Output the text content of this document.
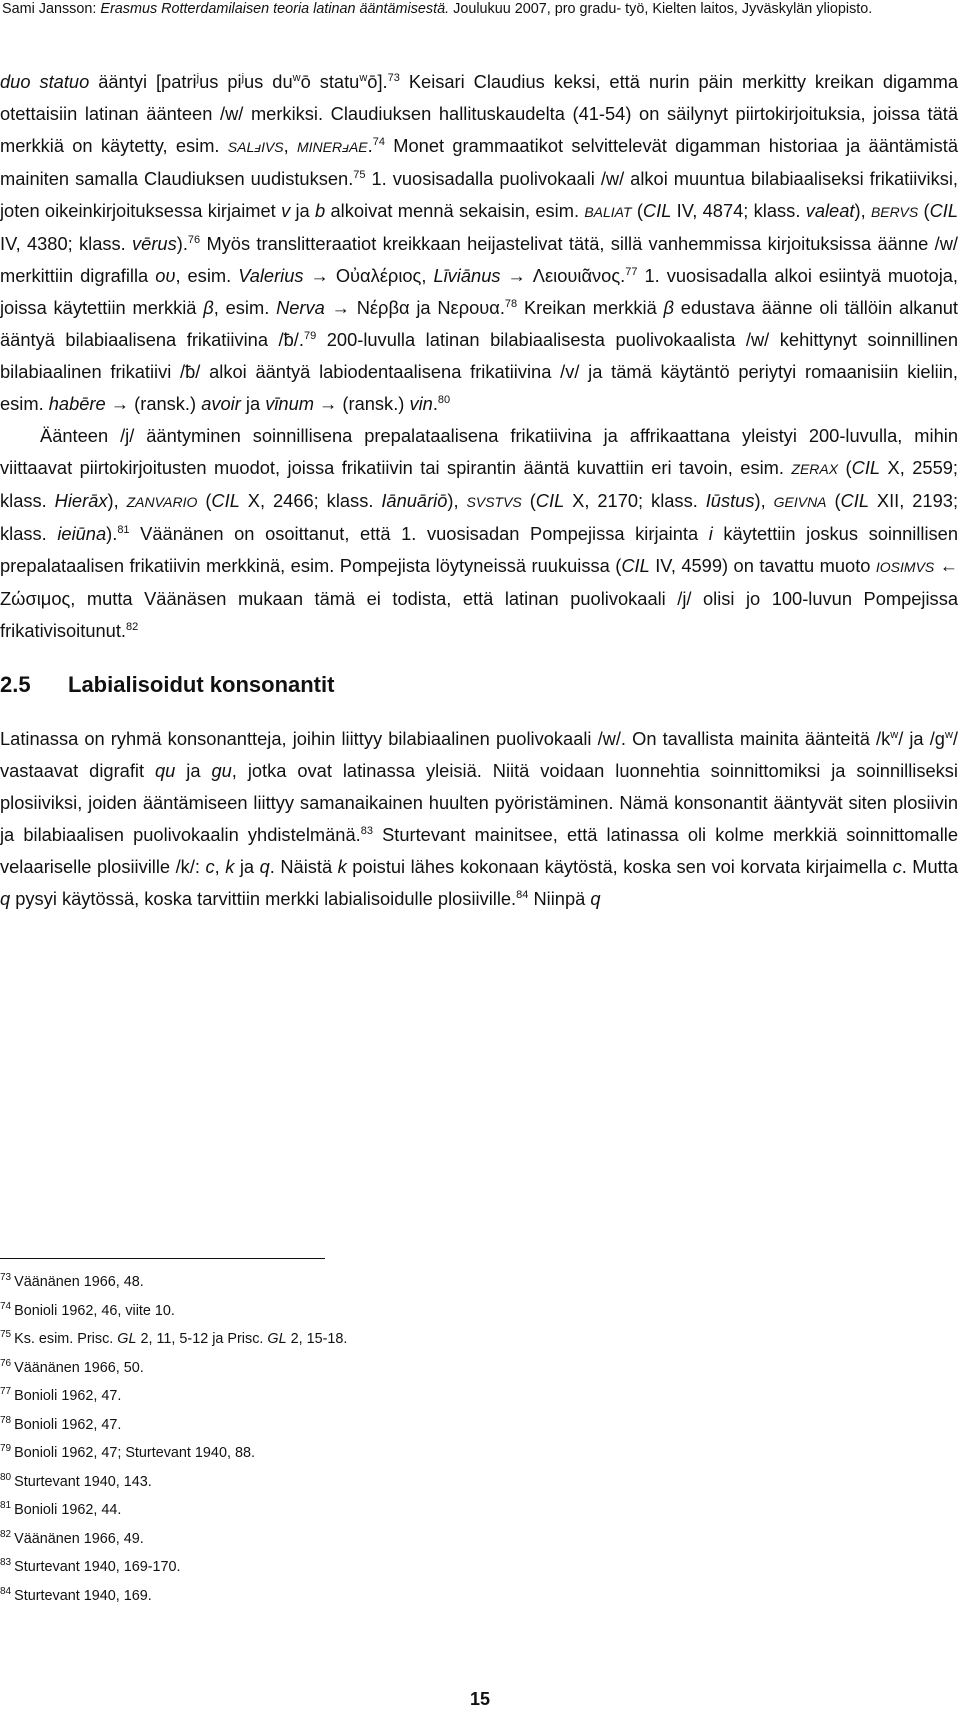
Sami Jansson: Erasmus Rotterdamilaisen teoria latinan ääntämisestä. Joulukuu 2007, pro gradu- työ, Kielten laitos, Jyväskylän yliopisto.

duo statuo ääntyi [patri$^j$us $pi^jus$ $du^wō$ statu$^w$ō].$^{73}$ Keisari Claudius keksi, että nurin päin merkitty kreikan digamma otettaisiin latinan äänteen /w/ merkiksi. Claudiuksen hallituskaudelta (41-54) on säilynyt piirtokirjoituksia, joissa tätä merkkiä on käytetty, esim. SALⅎIVS, MINERⅎAE.$^{74}$ Monet grammaatikot selvittelevät digamman historiaa ja ääntämistä mainiten samalla Claudiuksen uudistuksen.$^{75}$ 1. vuosisadalla puolivokaali /w/ alkoi muuntua bilabiaaliseksi frikatiiviksi, joten oikeinkirjoituksessa kirjaimet v ja b alkoivat mennä sekaisin, esim. BALIAT (CIL IV, 4874; klass. valeat), BERVS (CIL IV, 4380; klass. vērus).$^{76}$ Myös translitteraatiot kreikkaan heijastelivat tätä, sillä vanhemmissa kirjoituksissa äänne /w/ merkittiin digrafilla ου, esim. Valerius → Οὐαλέριος, Līviānus → Λειουιᾶνος.$^{77}$ 1. vuosisadalla alkoi esiintyä muotoja, joissa käytettiin merkkiä β, esim. Nerva → Νέρβα ja Νερουα.$^{78}$ Kreikan merkkiä β edustava äänne oli tällöin alkanut ääntyä bilabiaalisena frikatiivina /ƀ/.$^{79}$ 200-luvulla latinan bilabiaalisesta puolivokaalista /w/ kehittynyt soinnillinen bilabiaalinen frikatiivi /ƀ/ alkoi ääntyä labiodentaalisena frikatiivina /v/ ja tämä käytäntö periytyi romaanisiin kieliin, esim. habēre → (ransk.) avoir ja vīnum → (ransk.) vin.$^{80}$

Äänteen /j/ ääntyminen soinnillisena prepalataalisena frikatiivina ja affrikaattana yleistyi 200-luvulla, mihin viittaavat piirtokirjoitusten muodot, joissa frikatiivin tai spirantin ääntä kuvattiin eri tavoin, esim. ZERAX (CIL X, 2559; klass. Hierāx), ZANVARIO (CIL X, 2466; klass. Iānuāriō), SVSTVS (CIL X, 2170; klass. Iūstus), GEIVNA (CIL XII, 2193; klass. ieiūna).$^{81}$ Väänänen on osoittanut, että 1. vuosisadan Pompejissa kirjainta i käytettiin joskus soinnillisen prepalataalisen frikatiivin merkkinä, esim. Pompejista löytyneissä ruukuissa (CIL IV, 4599) on tavattu muoto IOSIMVS ← Ζώσιμος, mutta Väänäsen mukaan tämä ei todista, että latinan puolivokaali /j/ olisi jo 100-luvun Pompejissa frikativisoitunut.$^{82}$

2.5 Labialisoidut konsonantit

Latinassa on ryhmä konsonantteja, joihin liittyy bilabiaalinen puolivokaali /w/. On tavallista mainita äänteitä $/k^w/$ ja $/g^w/$ vastaavat digrafit qu ja gu, jotka ovat latinassa yleisiä. Niitä voidaan luonnehtia soinnittomiksi ja soinnilliseksi plosiiviksi, joiden ääntämiseen liittyy samanaikainen huulten pyöristäminen. Nämä konsonantit ääntyvät siten plosiivin ja bilabiaalisen puolivokaalin yhdistelmänä.$^{83}$ Sturtevant mainitsee, että latinassa oli kolme merkkiä soinnittomalle velaariselle plosiiville /k/: c, k ja q. Näistä k poistui lähes kokonaan käytöstä, koska sen voi korvata kirjaimella c. Mutta q pysyi käytössä, koska tarvittiin merkki labialisoidulle plosiiville.$^{84}$ Niinpä q

$^{73}$ Väänänen 1966, 48.
$^{74}$ Bonioli 1962, 46, viite 10.
$^{75}$ Ks. esim. Prisc. GL 2, 11, 5-12 ja Prisc. GL 2, 15-18.
$^{76}$ Väänänen 1966, 50.
$^{77}$ Bonioli 1962, 47.
$^{78}$ Bonioli 1962, 47.
$^{79}$ Bonioli 1962, 47; Sturtevant 1940, 88.
$^{80}$ Sturtevant 1940, 143.
$^{81}$ Bonioli 1962, 44.
$^{82}$ Väänänen 1966, 49.
$^{83}$ Sturtevant 1940, 169-170.
$^{84}$ Sturtevant 1940, 169.
15
